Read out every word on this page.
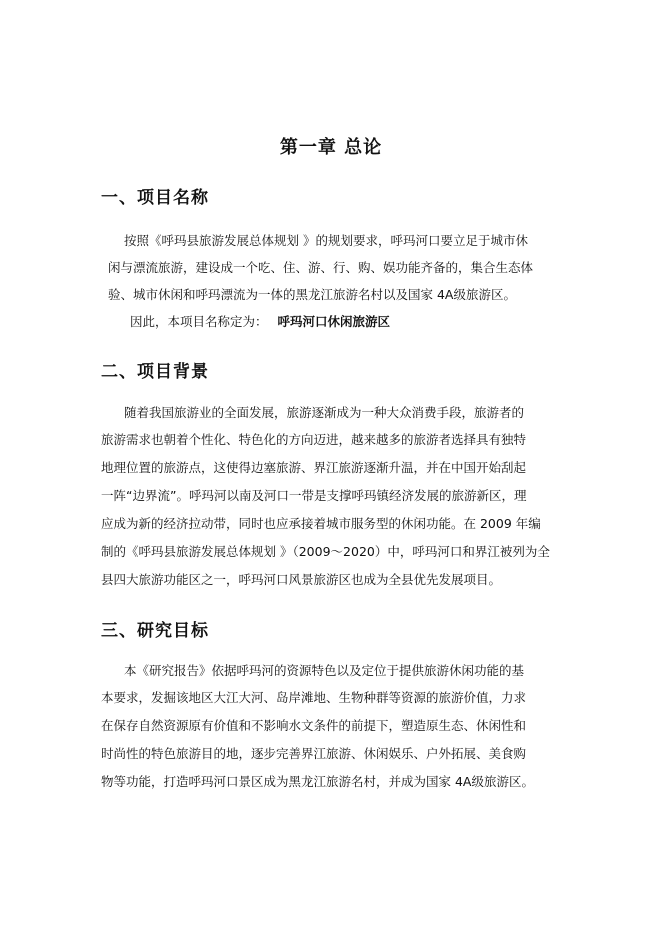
第一章 总论
一、项目名称
按照《呼玛县旅游发展总体规划 》的规划要求，呼玛河口要立足于城市休
闲与漂流旅游，建设成一个吃、住、游、行、购、娱功能齐备的，集合生态体
验、城市休闲和呼玛漂流为一体的黑龙江旅游名村以及国家 4A级旅游区。
因此，本项目名称定为： 呼玛河口休闲旅游区
二、项目背景
随着我国旅游业的全面发展，旅游逐渐成为一种大众消费手段，旅游者的
旅游需求也朝着个性化、特色化的方向迈进，越来越多的旅游者选择具有独特
地理位置的旅游点，这使得边塞旅游、界江旅游逐渐升温，并在中国开始刮起
一阵“边界流”。呼玛河以南及河口一带是支撑呼玛镇经济发展的旅游新区，理
应成为新的经济拉动带，同时也应承接着城市服务型的休闲功能。在 2009 年编
制的《呼玛县旅游发展总体规划 》（2009～2020）中，呼玛河口和界江被列为全
县四大旅游功能区之一，呼玛河口风景旅游区也成为全县优先发展项目。
三、研究目标
本《研究报告》依据呼玛河的资源特色以及定位于提供旅游休闲功能的基
本要求，发掘该地区大江大河、岛岸滩地、生物种群等资源的旅游价值，力求
在保存自然资源原有价值和不影响水文条件的前提下，塑造原生态、休闲性和
时尚性的特色旅游目的地，逐步完善界江旅游、休闲娱乐、户外拓展、美食购
物等功能，打造呼玛河口景区成为黑龙江旅游名村，并成为国家 4A级旅游区。
